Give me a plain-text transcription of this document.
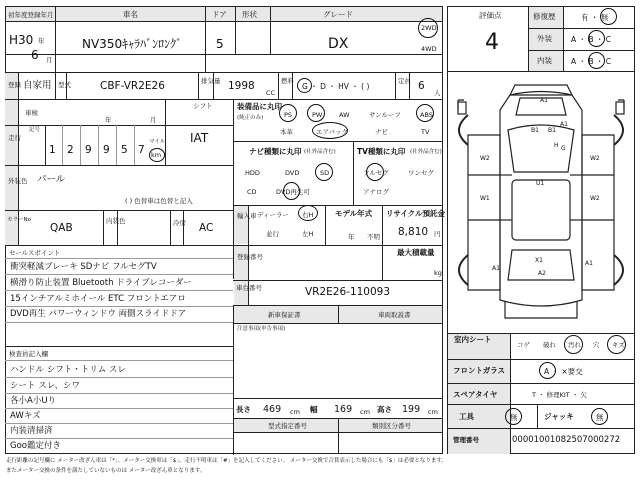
初年度登録年月	車名	ドア 形状	グレード
H30 年
6 月
NV350ｷｬﾗﾊﾞﾝﾛﾝｸﾞ	5	DX
2WD
4WD
登録 自家用 型式	CBF-VR2E26	排気量 1998
CC
燃料
G ・ D ・ HV ・ ( )
定員 6
人
車検
年	月
シフト
IAT
走行
記号
1 2 9 9 5 7
マイル
km
外装色 パール
( ) 色替車は色替と記入
カラーNo
QAB
内装色	冷房 AC
装備品に丸印
(純正のみ)	PS	PW	AW	サンルーフ	ABS
本革	エアバック	ナビ	TV
ナビ種類に丸印 (社外品含む)
HDD	DVD	SD
CD	DVD再生可
TV種類に丸印 (社外品含む)
フルセグ	ワンセグ
アナログ
輸入車 ディーラー 右H
並行	左H
モデル年式
年 不明
リサイクル預託金
8,810 円
最大積載量
kg
セールスポイント
衝突軽減ブレーキ SDナビ フルセグTV
横滑り防止装置 Bluetooth ドライブレコーダー
15インチアルミホイール ETC フロントエアロ
DVD再生 パワーウィンドウ 両側スライドドア
登録番号
車台番号	VR2E26-110093
新車保証書	車両取説書
注意事項(申告事項)
検査員記入欄
ハンドル シフト・トリム スレ
シート スレ、シワ
各小A小Uり
AWキズ
内装清掃済
Goo鑑定付き
長さ 469 cm 幅 169 cm 高さ 199 cm
型式指定番号	類別区分番号
評価点
4
修復歴	有 ・ 無
外装	A ・ B ・ C
内装	A ・ B ・ C
A1
A1
B1 B1
W2	W2
U1
W1	W2
A1
A2
A1
X1
H G
室内シート
コゲ 破れ 汚れ 穴 キズ
フロントガラス	A ・ ×要交
スペアタイヤ	T ・ 修理KIT ・ 欠
工具	無	ジャッキ	無
管理番号	00001001082507000272
走行距離の記号欄に メーター改ざん車は「*」、メーター交換車は「$」、走行不明車は「#」を記入してください。 メーター交換で合算表示した場合にも「$」は必要となります。
またメーター交換の条件を満たしていないものは メーター改ざん車となります。
